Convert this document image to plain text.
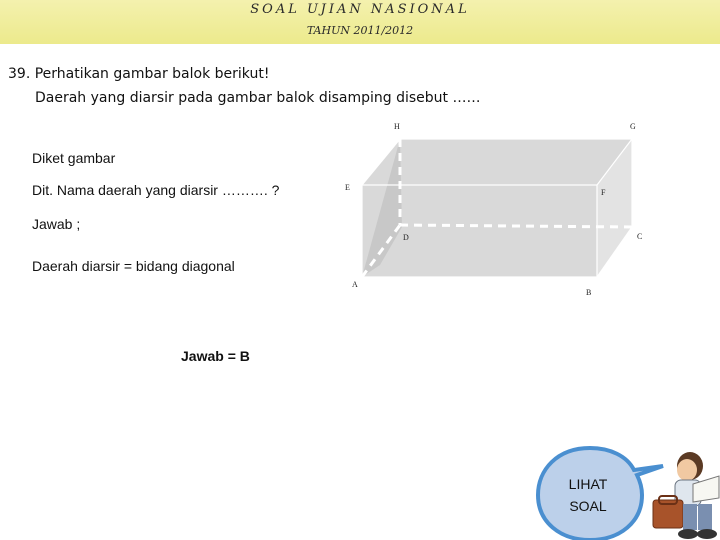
SOAL UJIAN NASIONAL
TAHUN 2011/2012
39. Perhatikan gambar balok berikut!
Daerah yang diarsir pada gambar balok disamping disebut ……
Diket gambar
Dit. Nama daerah yang diarsir ………. ?
Jawab ;
Daerah diarsir = bidang diagonal
Jawab = B
A
B
C
D
E
F
G
H
LIHAT
SOAL
